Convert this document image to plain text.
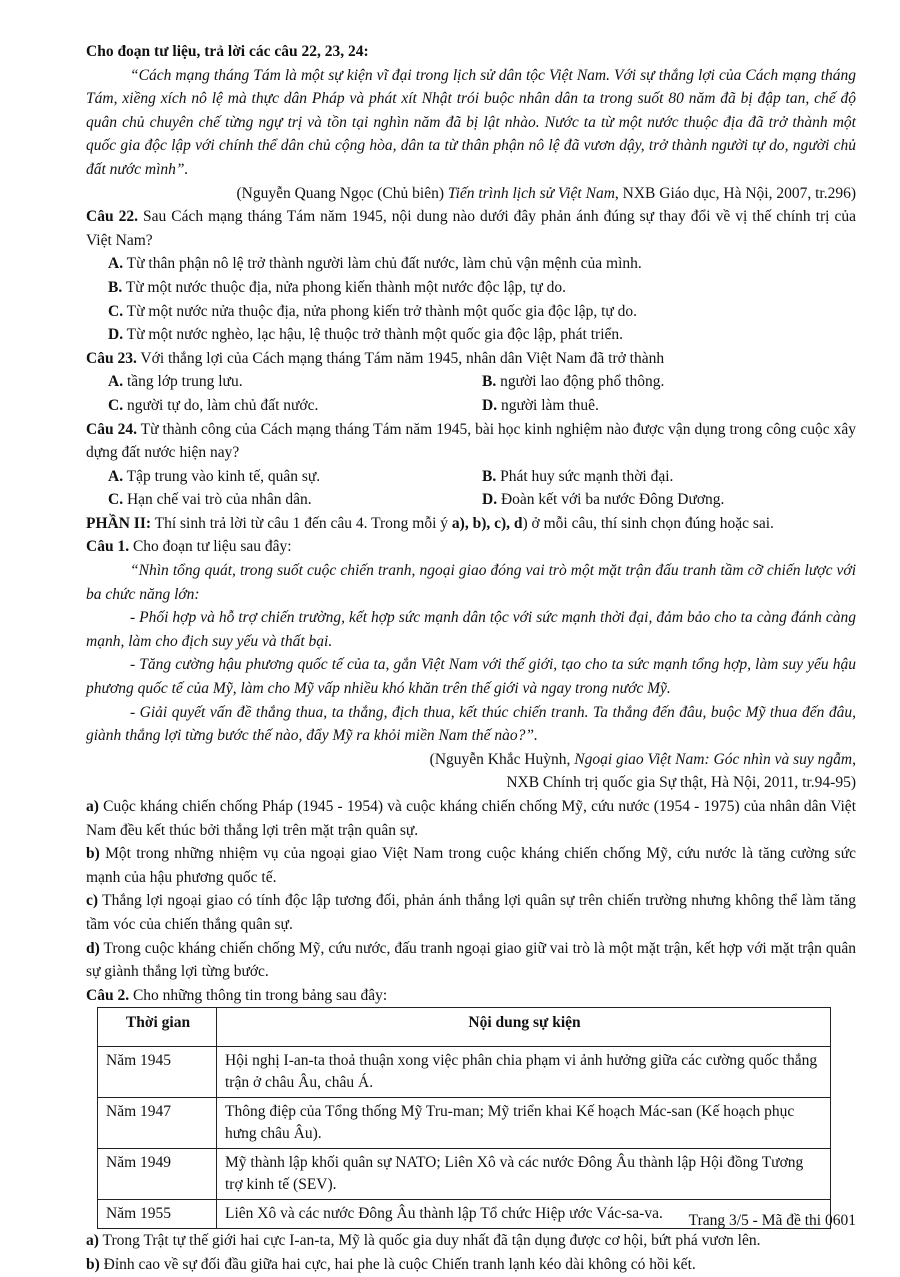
Cho đoạn tư liệu, trả lời các câu 22, 23, 24:

“Cách mạng tháng Tám là một sự kiện vĩ đại trong lịch sử dân tộc Việt Nam. Với sự thắng lợi của Cách mạng tháng Tám, xiềng xích nô lệ mà thực dân Pháp và phát xít Nhật trói buộc nhân dân ta trong suốt 80 năm đã bị đập tan, chế độ quân chủ chuyên chế từng ngự trị và tồn tại nghìn năm đã bị lật nhào. Nước ta từ một nước thuộc địa đã trở thành một quốc gia độc lập với chính thể dân chủ cộng hòa, dân ta từ thân phận nô lệ đã vươn dậy, trở thành người tự do, người chủ đất nước mình”.

(Nguyễn Quang Ngọc (Chủ biên) Tiến trình lịch sử Việt Nam, NXB Giáo dục, Hà Nội, 2007, tr.296)

Câu 22. Sau Cách mạng tháng Tám năm 1945, nội dung nào dưới đây phản ánh đúng sự thay đổi về vị thế chính trị của Việt Nam?

A. Từ thân phận nô lệ trở thành người làm chủ đất nước, làm chủ vận mệnh của mình.

B. Từ một nước thuộc địa, nửa phong kiến thành một nước độc lập, tự do.

C. Từ một nước nửa thuộc địa, nửa phong kiến trở thành một quốc gia độc lập, tự do.

D. Từ một nước nghèo, lạc hậu, lệ thuộc trở thành một quốc gia độc lập, phát triển.

Câu 23. Với thắng lợi của Cách mạng tháng Tám năm 1945, nhân dân Việt Nam đã trở thành

A. tầng lớp trung lưu.	B. người lao động phổ thông.
C. người tự do, làm chủ đất nước.	D. người làm thuê.

Câu 24. Từ thành công của Cách mạng tháng Tám năm 1945, bài học kinh nghiệm nào được vận dụng trong công cuộc xây dựng đất nước hiện nay?

A. Tập trung vào kinh tế, quân sự.	B. Phát huy sức mạnh thời đại.
C. Hạn chế vai trò của nhân dân.	D. Đoàn kết với ba nước Đông Dương.

PHẦN II: Thí sinh trả lời từ câu 1 đến câu 4. Trong mỗi ý a), b), c), d) ở mỗi câu, thí sinh chọn đúng hoặc sai.

Câu 1. Cho đoạn tư liệu sau đây:

“Nhìn tổng quát, trong suốt cuộc chiến tranh, ngoại giao đóng vai trò một mặt trận đấu tranh tầm cỡ chiến lược với ba chức năng lớn:

- Phối hợp và hỗ trợ chiến trường, kết hợp sức mạnh dân tộc với sức mạnh thời đại, đảm bảo cho ta càng đánh càng mạnh, làm cho địch suy yếu và thất bại.

- Tăng cường hậu phương quốc tế của ta, gắn Việt Nam với thế giới, tạo cho ta sức mạnh tổng hợp, làm suy yếu hậu phương quốc tế của Mỹ, làm cho Mỹ vấp nhiều khó khăn trên thế giới và ngay trong nước Mỹ.

- Giải quyết vấn đề thắng thua, ta thắng, địch thua, kết thúc chiến tranh. Ta thắng đến đâu, buộc Mỹ thua đến đâu, giành thắng lợi từng bước thế nào, đẩy Mỹ ra khỏi miền Nam thế nào?”.

(Nguyễn Khắc Huỳnh, Ngoại giao Việt Nam: Góc nhìn và suy ngẫm,

NXB Chính trị quốc gia Sự thật, Hà Nội, 2011, tr.94-95)

a) Cuộc kháng chiến chống Pháp (1945 - 1954) và cuộc kháng chiến chống Mỹ, cứu nước (1954 - 1975) của nhân dân Việt Nam đều kết thúc bởi thắng lợi trên mặt trận quân sự.

b) Một trong những nhiệm vụ của ngoại giao Việt Nam trong cuộc kháng chiến chống Mỹ, cứu nước là tăng cường sức mạnh của hậu phương quốc tế.

c) Thắng lợi ngoại giao có tính độc lập tương đối, phản ánh thắng lợi quân sự trên chiến trường nhưng không thể làm tăng tầm vóc của chiến thắng quân sự.

d) Trong cuộc kháng chiến chống Mỹ, cứu nước, đấu tranh ngoại giao giữ vai trò là một mặt trận, kết hợp với mặt trận quân sự giành thắng lợi từng bước.

Câu 2. Cho những thông tin trong bảng sau đây:

Thời gian	Nội dung sự kiện
Năm 1945	Hội nghị I-an-ta thoả thuận xong việc phân chia phạm vi ảnh hưởng giữa các cường quốc thắng trận ở châu Âu, châu Á.
Năm 1947	Thông điệp của Tổng thống Mỹ Tru-man; Mỹ triển khai Kế hoạch Mác-san (Kế hoạch phục hưng châu Âu).
Năm 1949	Mỹ thành lập khối quân sự NATO; Liên Xô và các nước Đông Âu thành lập Hội đồng Tương trợ kinh tế (SEV).
Năm 1955	Liên Xô và các nước Đông Âu thành lập Tổ chức Hiệp ước Vác-sa-va.

a) Trong Trật tự thế giới hai cực I-an-ta, Mỹ là quốc gia duy nhất đã tận dụng được cơ hội, bứt phá vươn lên.

b) Đỉnh cao về sự đối đầu giữa hai cực, hai phe là cuộc Chiến tranh lạnh kéo dài không có hồi kết.

Trang 3/5 - Mã đề thi 0601
